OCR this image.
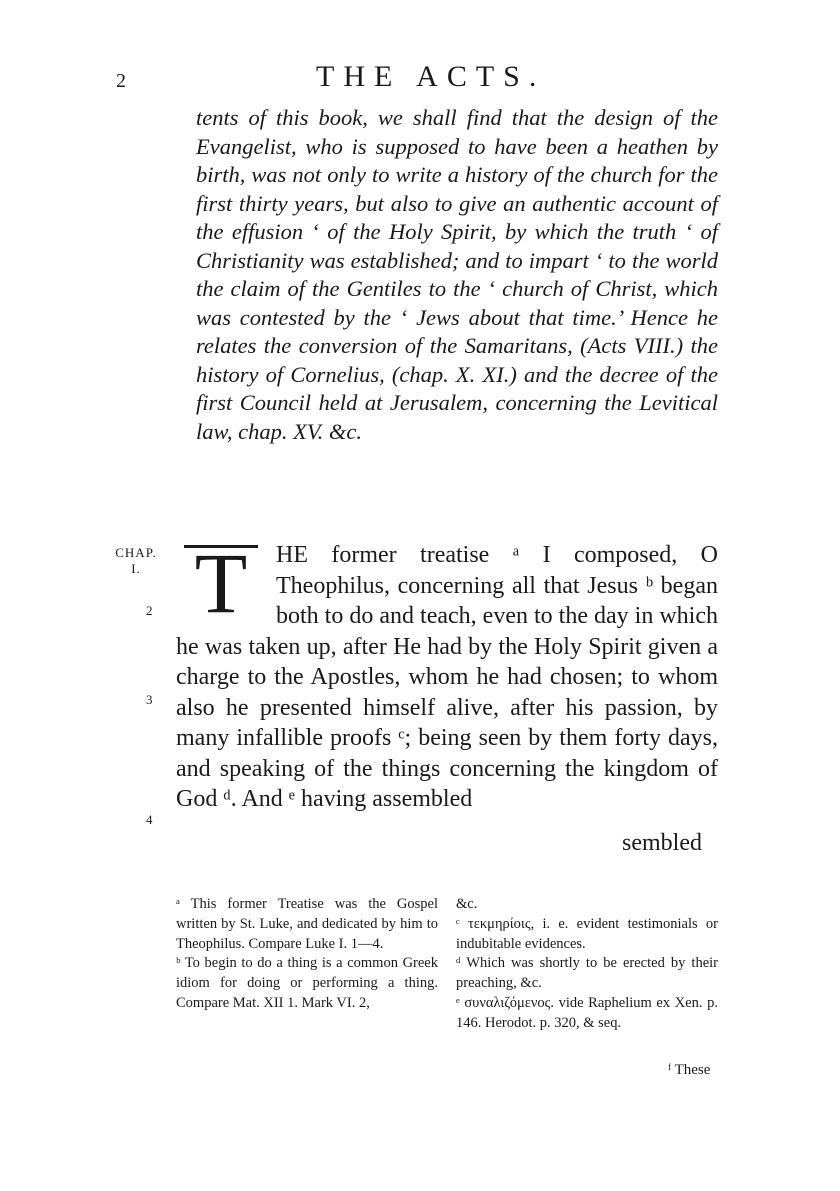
2	THE ACTS.

tents of this book, we shall find that the design of the Evangelist, who is supposed to have been a heathen by birth, was not only to write a history of the church for the first thirty years, but also to give an authentic account of the effusion ‘ of the Holy Spirit, by which the truth ‘ of Christianity was established; and to impart ‘ to the world the claim of the Gentiles to the ‘ church of Christ, which was contested by the ‘ Jews about that time.’ Hence he relates the conversion of the Samaritans, (Acts VIII.) the history of Cornelius, (chap. X. XI.) and the decree of the first Council held at Jerusalem, concerning the Levitical law, chap. XV. &c.

CHAP.
I.
2
3
4
T	HE former treatise ᵃ I composed, O Theophilus, concerning all that Jesus ᵇ began both to do and teach, even to the day in which he was taken up, after He had by the Holy Spirit given a charge to the Apostles, whom he had chosen; to whom also he presented himself alive, after his passion, by many infallible proofs ᶜ; being seen by them forty days, and speaking of the things concerning the kingdom of God ᵈ. And ᵉ having assembled

sembled

ᵃ This former Treatise was the Gospel written by St. Luke, and dedicated by him to Theophilus. Compare Luke I. 1—4.

ᵇ To begin to do a thing is a common Greek idiom for doing or performing a thing. Compare Mat. XII 1. Mark VI. 2,

&c.

ᶜ τεκμηρίοις, i. e. evident testimonials or indubitable evidences.

ᵈ Which was shortly to be erected by their preaching, &c.

ᵉ συναλιζόμενος. vide Raphelium ex Xen. p. 146. Herodot. p. 320, & seq.

ᶠ These
